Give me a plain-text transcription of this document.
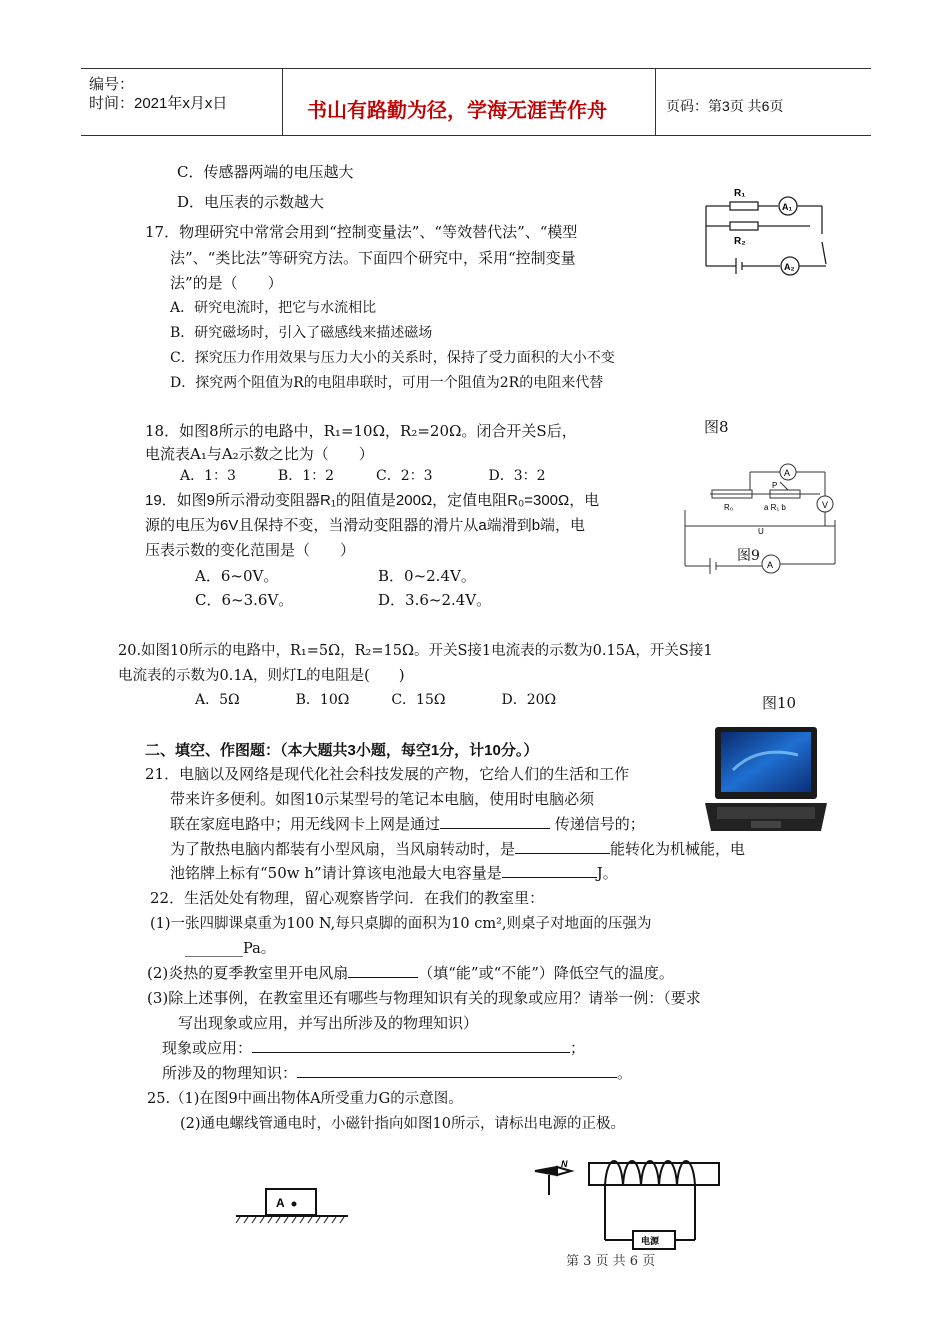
编号：
时间：2021年x月x日	书山有路勤为径，学海无涯苦作舟	页码：第3页 共6页
C．传感器两端的电压越大
D．电压表的示数越大
17．物理研究中常常会用到“控制变量法”、“等效替代法”、“模型
法”、“类比法”等研究方法。下面四个研究中，采用“控制变量
法”的是（　　）
A．研究电流时，把它与水流相比
B．研究磁场时，引入了磁感线来描述磁场
C．探究压力作用效果与压力大小的关系时，保持了受力面积的大小不变
D．探究两个阻值为R的电阻串联时，可用一个阻值为2R的电阻来代替
R₁
R₂
A₁
A₂
18．如图8所示的电路中，R₁=10Ω，R₂=20Ω。闭合开关S后，	图8
电流表A₁与A₂示数之比为（　　）
A．1：3　　　B．1：2　　　C．2：3　　　　D．3：2	A
V
P
R₀	a R₁ b
U
A
图9
19．如图9所示滑动变阻器R₁的阻值是200Ω，定值电阻R₀=300Ω，电
源的电压为6V且保持不变，当滑动变阻器的滑片从a端滑到b端，电
压表示数的变化范围是（　　）
A．6~0V。	B．0~2.4V。
C．6~3.6V。	D．3.6~2.4V。
20.如图10所示的电路中，R₁=5Ω，R₂=15Ω。开关S接1电流表的示数为0.15A，开关S接1
电流表的示数为0.1A，则灯L的电阻是(　　)
A．5Ω　　　　B．10Ω　　　C．15Ω　　　　D．20Ω	图10
二、填空、作图题：（本大题共3小题，每空1分，计10分。）
21．电脑以及网络是现代化社会科技发展的产物，它给人们的生活和工作
带来许多便利。如图10示某型号的笔记本电脑，使用时电脑必须
联在家庭电路中；用无线网卡上网是通过	传递信号的；
为了散热电脑内都装有小型风扇，当风扇转动时，是	能转化为机械能，电
池铭牌上标有“50w h”请计算该电池最大电容量是	J。
22．生活处处有物理，留心观察皆学问．在我们的教室里：
(1)一张四脚课桌重为100 N,每只桌脚的面积为10 cm²,则桌子对地面的压强为
________Pa。
(2)炎热的夏季教室里开电风扇	（填“能”或“不能”）降低空气的温度。
(3)除上述事例，在教室里还有哪些与物理知识有关的现象或应用？请举一例：（要求
写出现象或应用，并写出所涉及的物理知识）
现象或应用：	；
所涉及的物理知识：	。
25.（1)在图9中画出物体A所受重力G的示意图。
(2)通电螺线管通电时，小磁针指向如图10所示，请标出电源的正极。
A
N
电源
第 3 页 共 6 页
